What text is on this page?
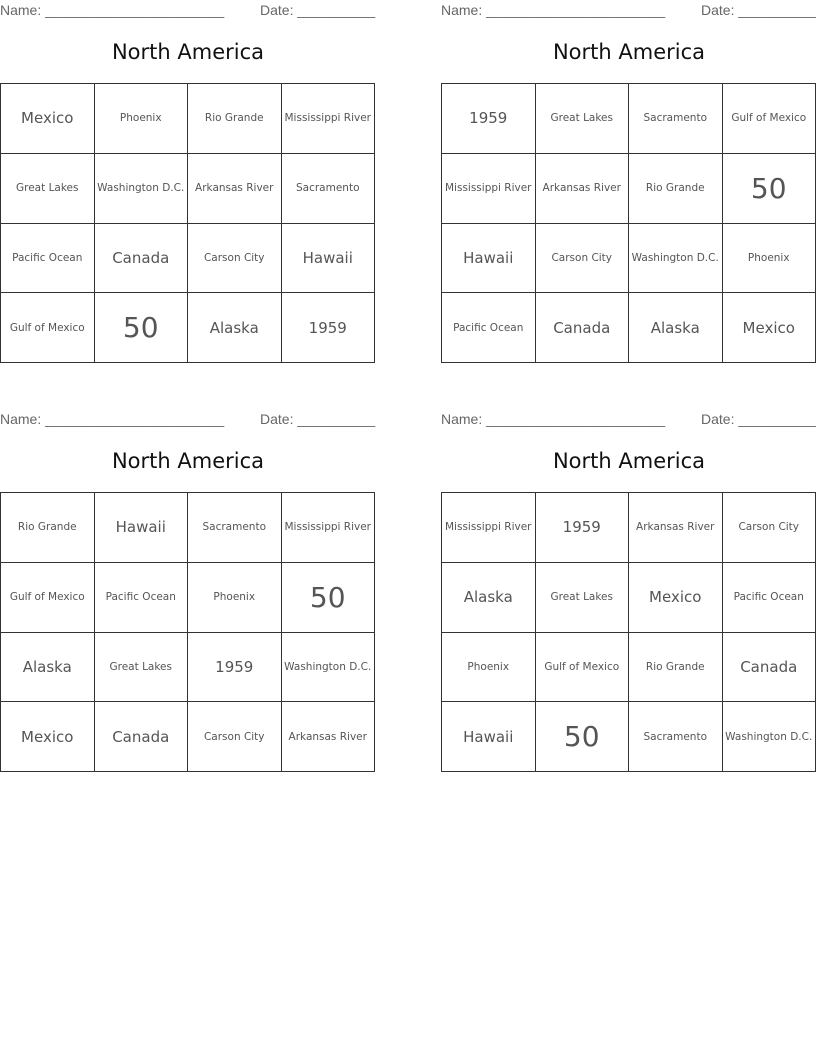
Name: _______________________	Date: __________
North America
Mexico	Phoenix	Rio Grande	Mississippi River
Great Lakes	Washington D.C.	Arkansas River	Sacramento
Pacific Ocean	Canada	Carson City	Hawaii
Gulf of Mexico	50	Alaska	1959
Name: _______________________	Date: __________
North America
1959	Great Lakes	Sacramento	Gulf of Mexico
Mississippi River	Arkansas River	Rio Grande	50
Hawaii	Carson City	Washington D.C.	Phoenix
Pacific Ocean	Canada	Alaska	Mexico
Name: _______________________	Date: __________
North America
Rio Grande	Hawaii	Sacramento	Mississippi River
Gulf of Mexico	Pacific Ocean	Phoenix	50
Alaska	Great Lakes	1959	Washington D.C.
Mexico	Canada	Carson City	Arkansas River
Name: _______________________	Date: __________
North America
Mississippi River	1959	Arkansas River	Carson City
Alaska	Great Lakes	Mexico	Pacific Ocean
Phoenix	Gulf of Mexico	Rio Grande	Canada
Hawaii	50	Sacramento	Washington D.C.
